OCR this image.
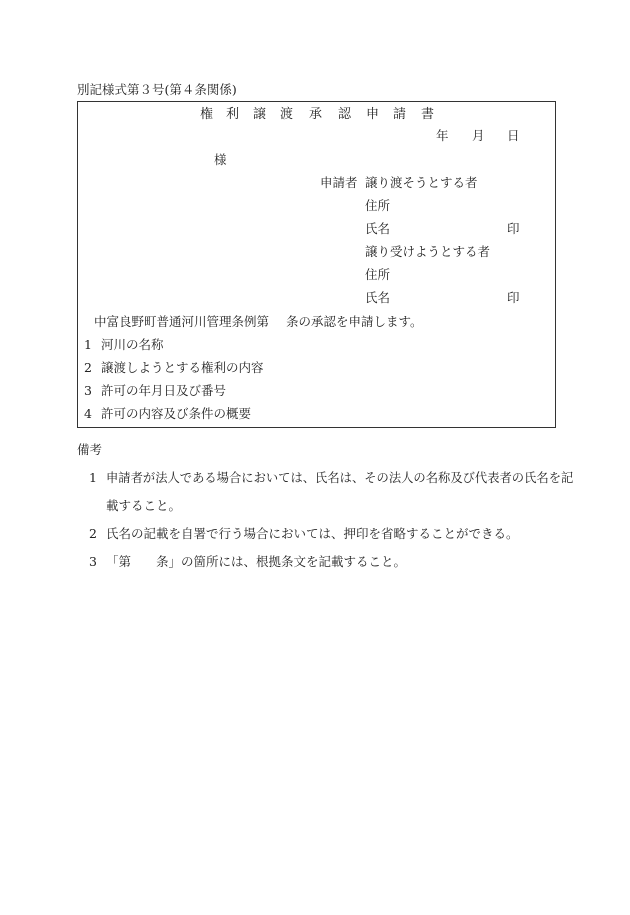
別記様式第３号(第４条関係)
権 利 譲 渡 承 認 申 請 書
年 月 日
様
申請者 譲り渡そうとする者
住所
氏名	印
譲り受けようとする者
住所
氏名	印
中富良野町普通河川管理条例第 条の承認を申請します。
1 河川の名称
2 譲渡しようとする権利の内容
3 許可の年月日及び番号
4 許可の内容及び条件の概要
備考
1 申請者が法人である場合においては、氏名は、その法人の名称及び代表者の氏名を記
載すること。
2 氏名の記載を自署で行う場合においては、押印を省略することができる。
3 「第　　条」の箇所には、根拠条文を記載すること。
